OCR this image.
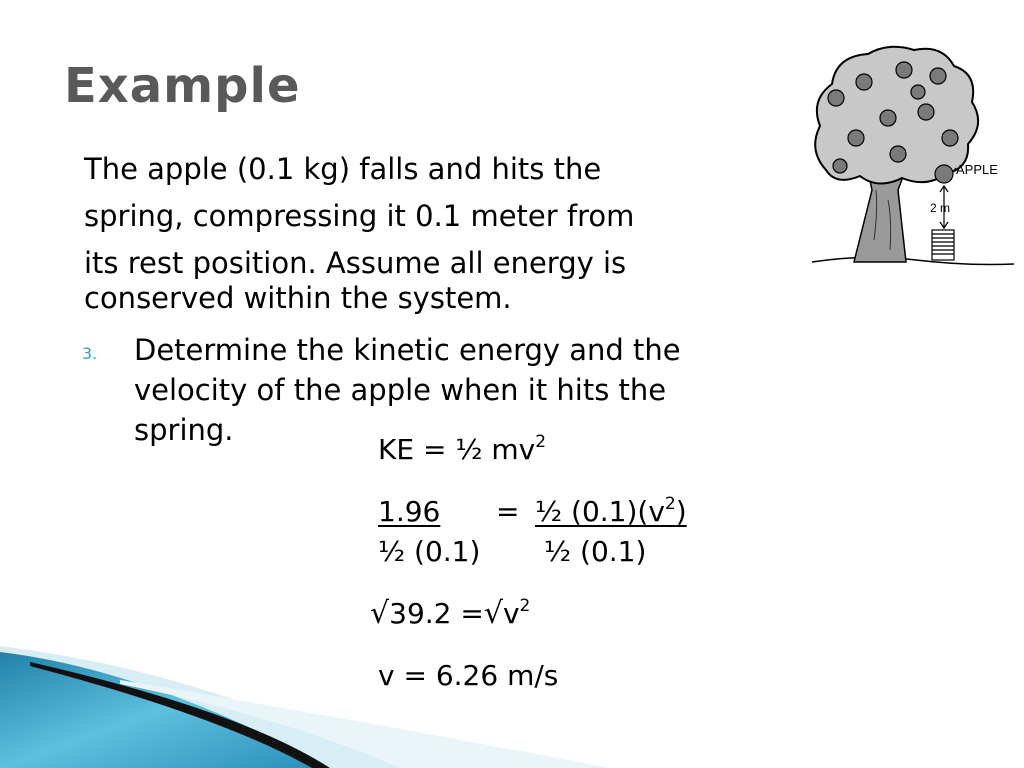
Example
The apple (0.1 kg) falls and hits the
spring, compressing it 0.1 meter from
its rest position. Assume all energy is
conserved within the system.
3. Determine the kinetic energy and the velocity of the apple when it hits the spring.
KE = ½ $mv^2$
1.96 = ½ $(0.1)(v^2)$
½ (0.1) ½ (0.1)
$√39.2 =√v^2$
v = 6.26 m/s
APPLE
2 m
